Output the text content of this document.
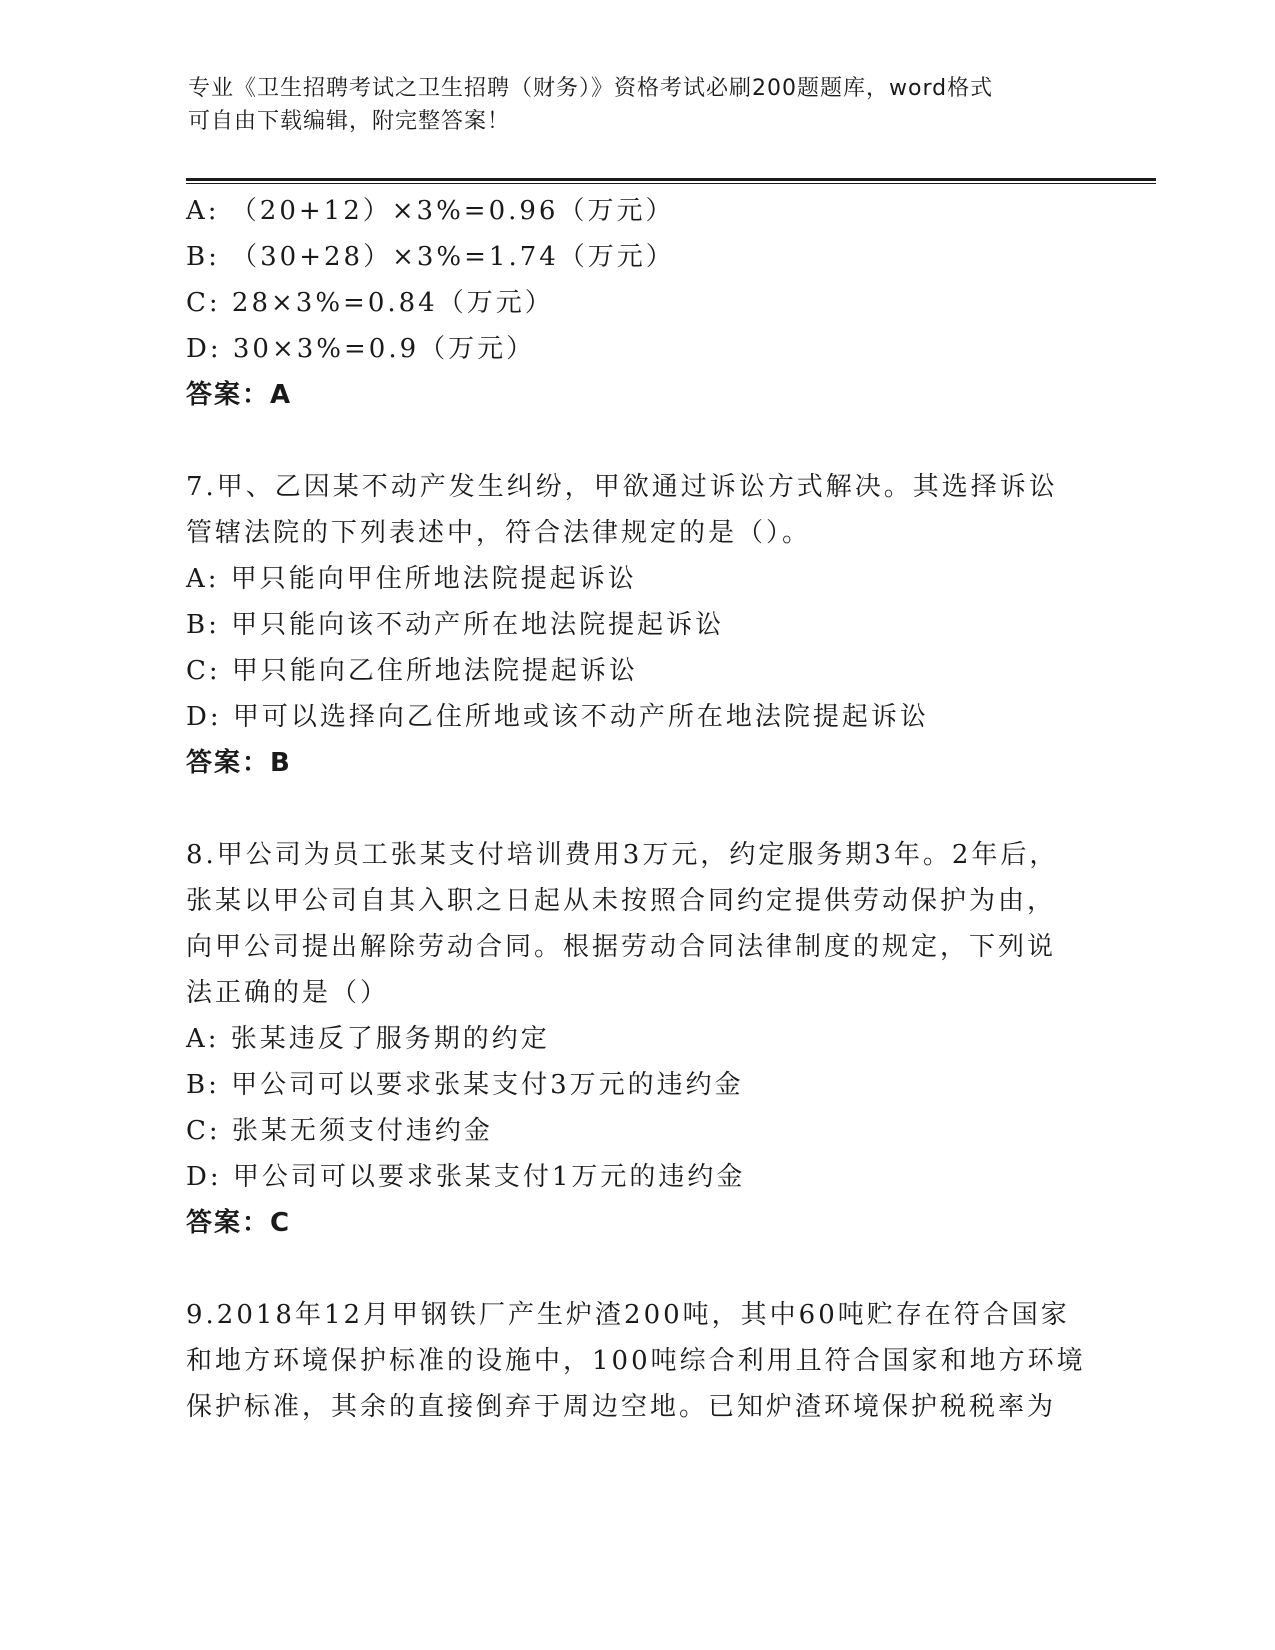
专业《卫生招聘考试之卫生招聘（财务）》资格考试必刷200题题库，word格式
可自由下载编辑，附完整答案！
A: （20+12）×3%=0.96（万元）
B: （30+28）×3%=1.74（万元）
C: 28×3%=0.84（万元）
D: 30×3%=0.9（万元）
答案：A
7.甲、乙因某不动产发生纠纷，甲欲通过诉讼方式解决。其选择诉讼
管辖法院的下列表述中，符合法律规定的是（）。
A: 甲只能向甲住所地法院提起诉讼
B: 甲只能向该不动产所在地法院提起诉讼
C: 甲只能向乙住所地法院提起诉讼
D: 甲可以选择向乙住所地或该不动产所在地法院提起诉讼
答案：B
8.甲公司为员工张某支付培训费用3万元，约定服务期3年。2年后，
张某以甲公司自其入职之日起从未按照合同约定提供劳动保护为由，
向甲公司提出解除劳动合同。根据劳动合同法律制度的规定，下列说
法正确的是（）
A: 张某违反了服务期的约定
B: 甲公司可以要求张某支付3万元的违约金
C: 张某无须支付违约金
D: 甲公司可以要求张某支付1万元的违约金
答案：C
9.2018年12月甲钢铁厂产生炉渣200吨，其中60吨贮存在符合国家
和地方环境保护标准的设施中，100吨综合利用且符合国家和地方环境
保护标准，其余的直接倒弃于周边空地。已知炉渣环境保护税税率为
